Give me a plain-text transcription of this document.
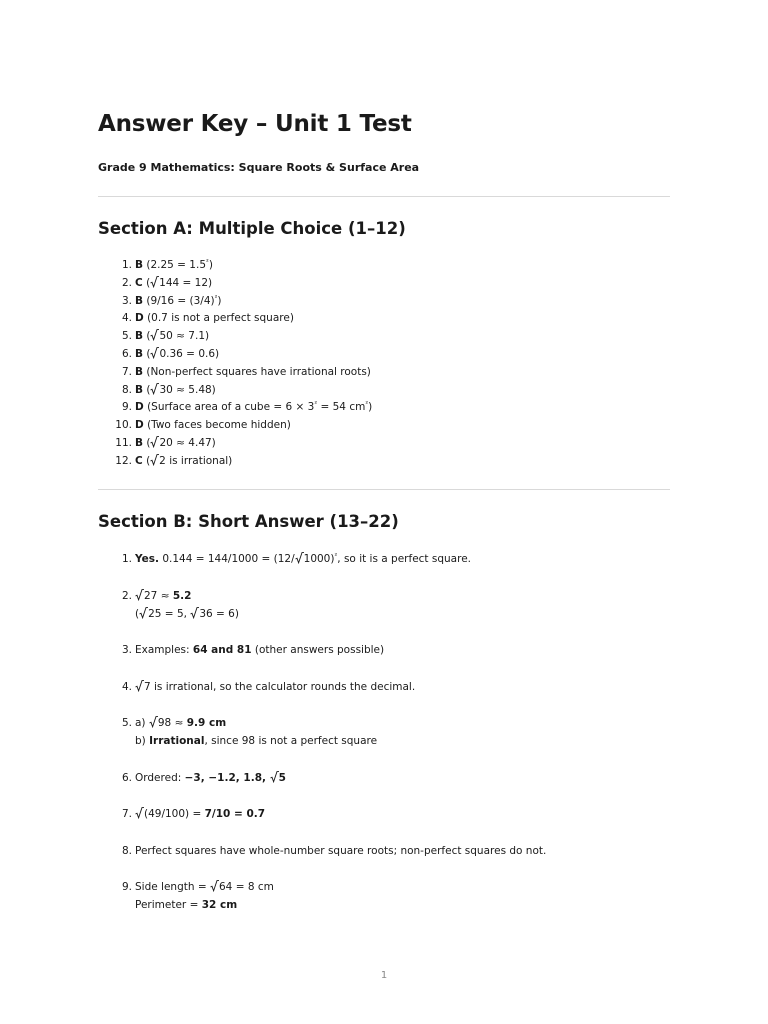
Answer Key – Unit 1 Test
Grade 9 Mathematics: Square Roots & Surface Area
Section A: Multiple Choice (1–12)
1. B $(2.25 = 1.5^{^2})$
2. C ( 144 = 12)
3. B $(9/16 = (3/4)^{^2})$
4. D (0.7 is not a perfect square)
5. B ( 50 ≈ 7.1)
6. B ( 0.36 = 0.6)
7. B (Non-perfect squares have irrational roots)
8. B ( 30 ≈ 5.48)
9. D (Surface area of a cube = $6 \times 3^{^2} = 54$ $cm^{^2}$)
10. D (Two faces become hidden)
11. B ( 20 ≈ 4.47)
12. C ( 2 is irrational)
Section B: Short Answer (13–22)
1. Yes. 0.144 = 144/1000 = (12/ 1000)$^{^2}$, so it is a perfect square.
2. 27 ≈ 5.2
( 25 = 5,
36 = 6)
3. Examples: 64 and 81 (other answers possible)
4. 7 is irrational, so the calculator rounds the decimal.
5. a)
98 ≈ 9.9 cm
b) Irrational, since 98 is not a perfect square
6. Ordered: −3, −1.2, 1.8,
5
7. (49/100) = 7/10 = 0.7
8. Perfect squares have whole-number square roots; non-perfect squares do not.
9. Side length =
64 = 8 cm
Perimeter = 32 cm
1
